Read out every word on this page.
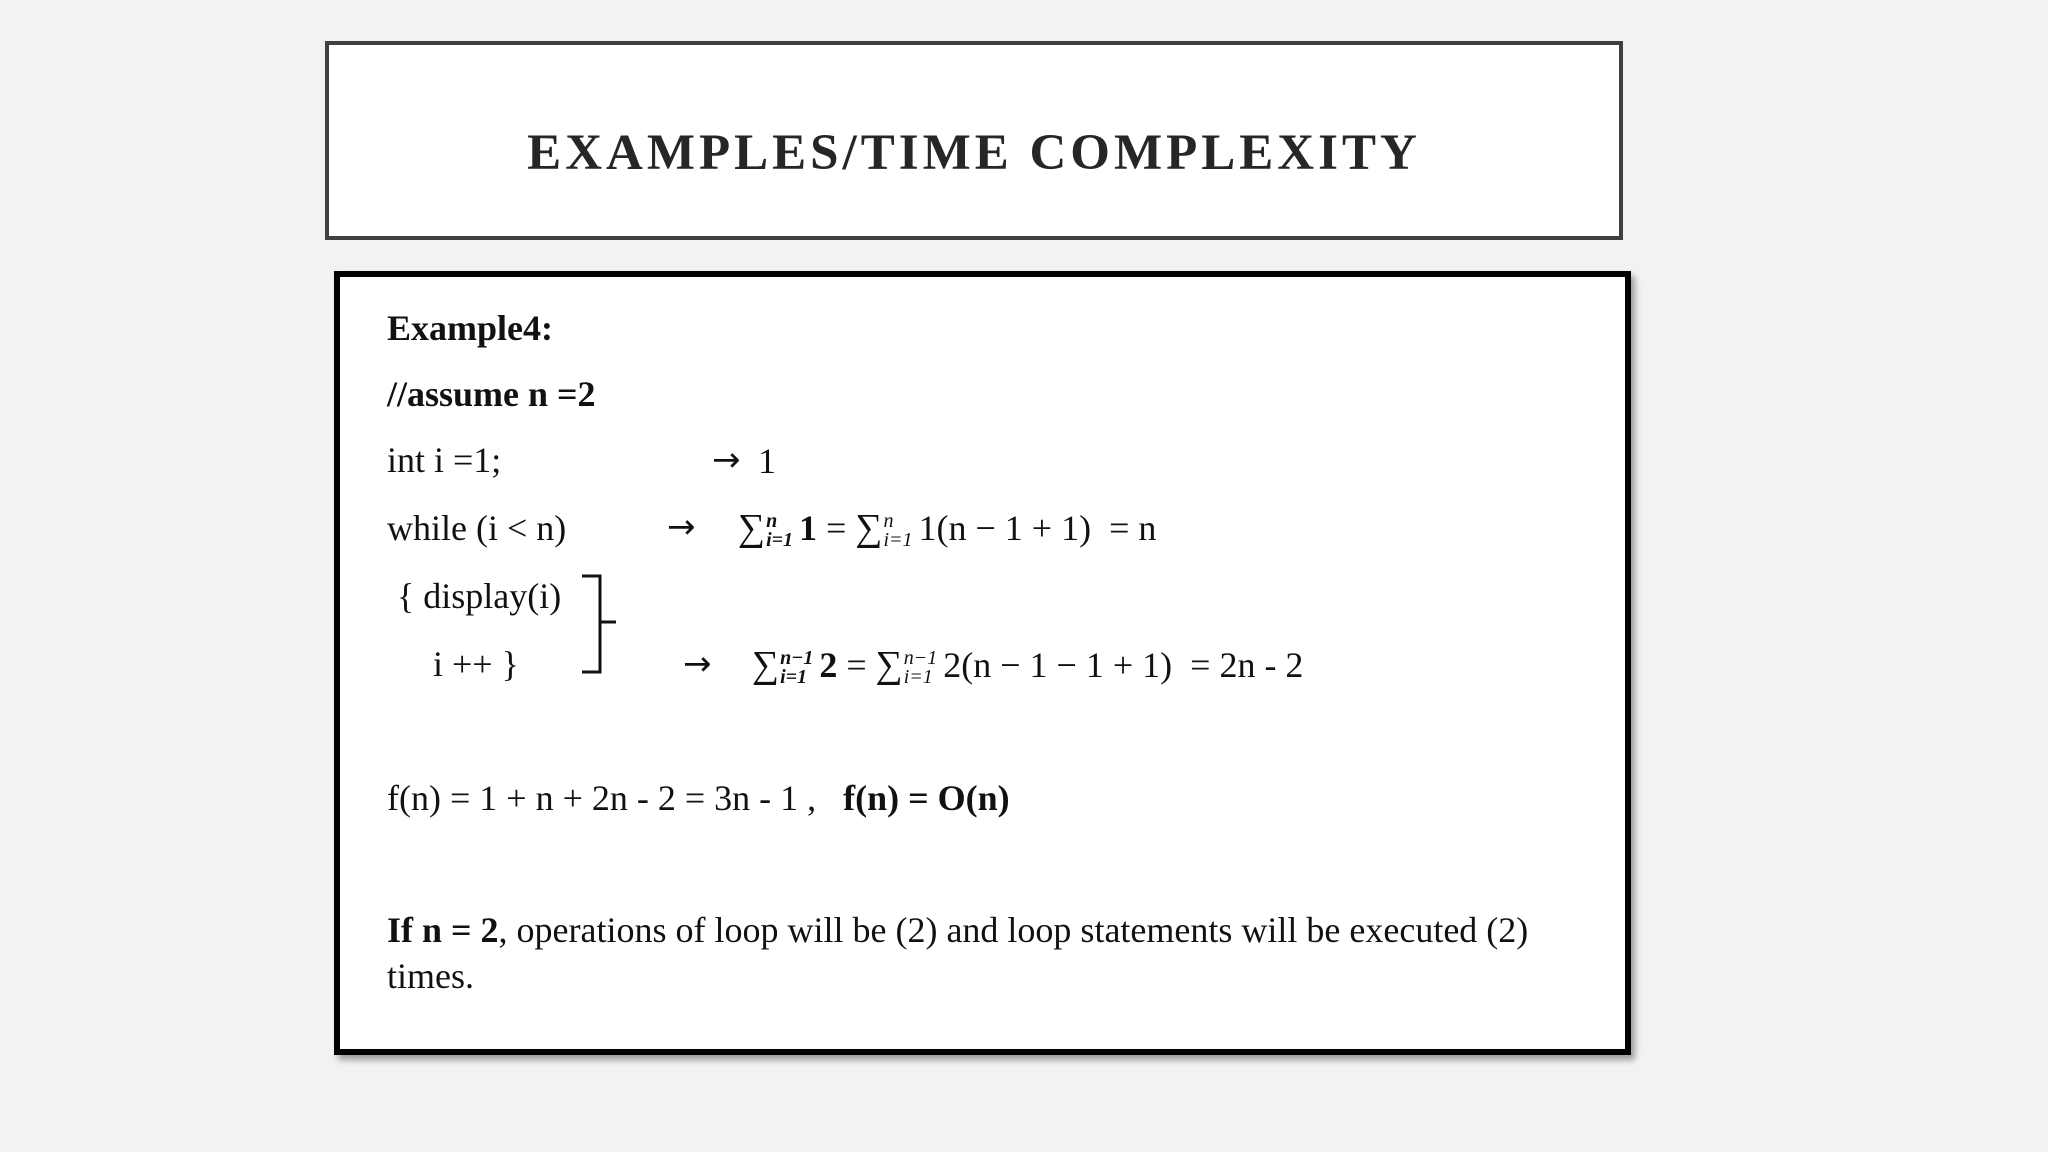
EXAMPLES/TIME COMPLEXITY
Example4:
//assume n =2
int i =1;	→ 1
while (i < n)	→ ∑ n
i=1 1 = ∑ n
i=1 1(n − 1 + 1) = n
{ display(i)
i ++ }	→ ∑ n−1
i=1 2 = ∑ n−1
i=1 2(n − 1 − 1 + 1) = 2n - 2
f(n) = 1 + n + 2n - 2 = 3n - 1 , f(n) = O(n)
If n = 2, operations of loop will be (2) and loop statements will be executed (2)
times.
